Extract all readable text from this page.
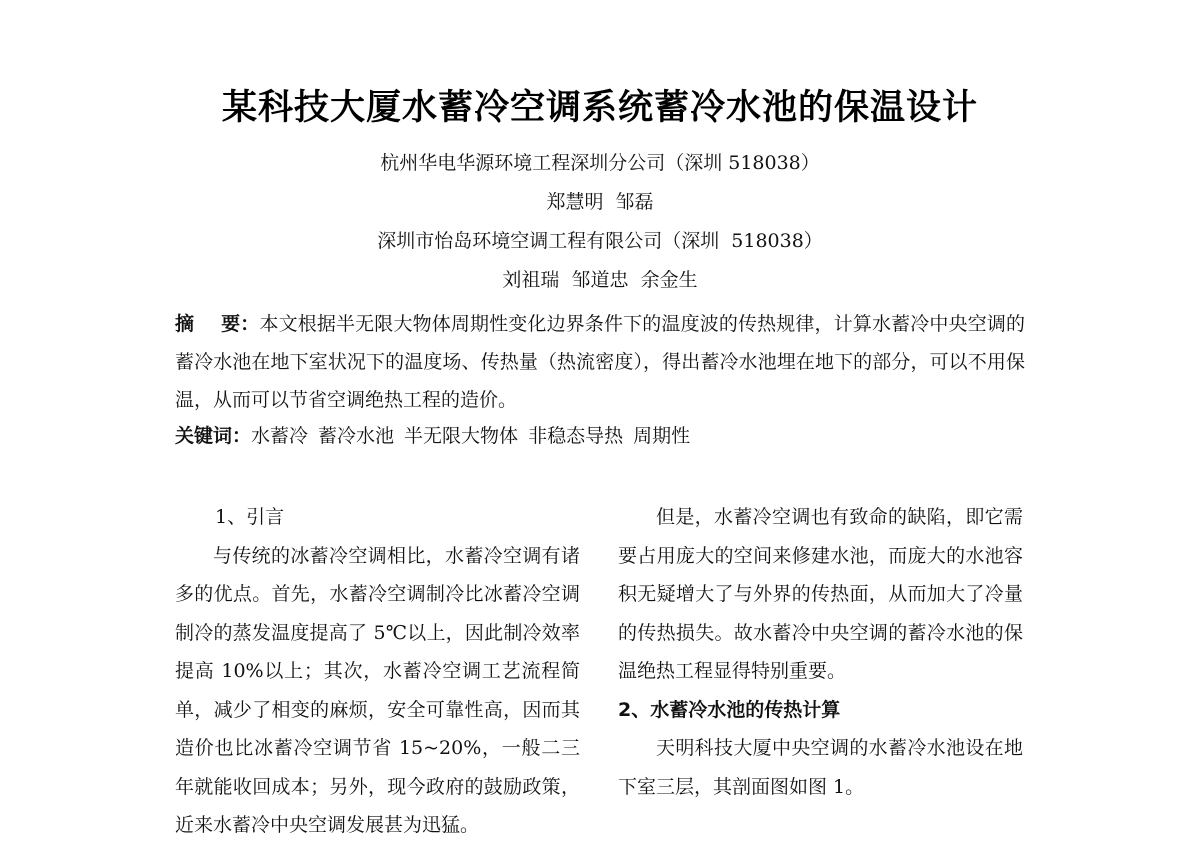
某科技大厦水蓄冷空调系统蓄冷水池的保温设计
杭州华电华源环境工程深圳分公司（深圳 518038）
郑慧明  邹磊
深圳市怡岛环境空调工程有限公司（深圳  518038）
刘祖瑞  邹道忠  余金生

摘    要：本文根据半无限大物体周期性变化边界条件下的温度波的传热规律，计算水蓄冷中央空调的蓄冷水池在地下室状况下的温度场、传热量（热流密度），得出蓄冷水池埋在地下的部分，可以不用保温，从而可以节省空调绝热工程的造价。

关键词：水蓄冷 蓄冷水池 半无限大物体 非稳态导热 周期性

1、引言

与传统的冰蓄冷空调相比，水蓄冷空调有诸多的优点。首先，水蓄冷空调制冷比冰蓄冷空调制冷的蒸发温度提高了 5℃以上，因此制冷效率提高 10%以上；其次，水蓄冷空调工艺流程简单，减少了相变的麻烦，安全可靠性高，因而其造价也比冰蓄冷空调节省 15~20%，一般二三年就能收回成本；另外，现今政府的鼓励政策，近来水蓄冷中央空调发展甚为迅猛。

但是，水蓄冷空调也有致命的缺陷，即它需要占用庞大的空间来修建水池，而庞大的水池容积无疑增大了与外界的传热面，从而加大了冷量的传热损失。故水蓄冷中央空调的蓄冷水池的保温绝热工程显得特别重要。

2、水蓄冷水池的传热计算

天明科技大厦中央空调的水蓄冷水池设在地下室三层，其剖面图如图 1。
